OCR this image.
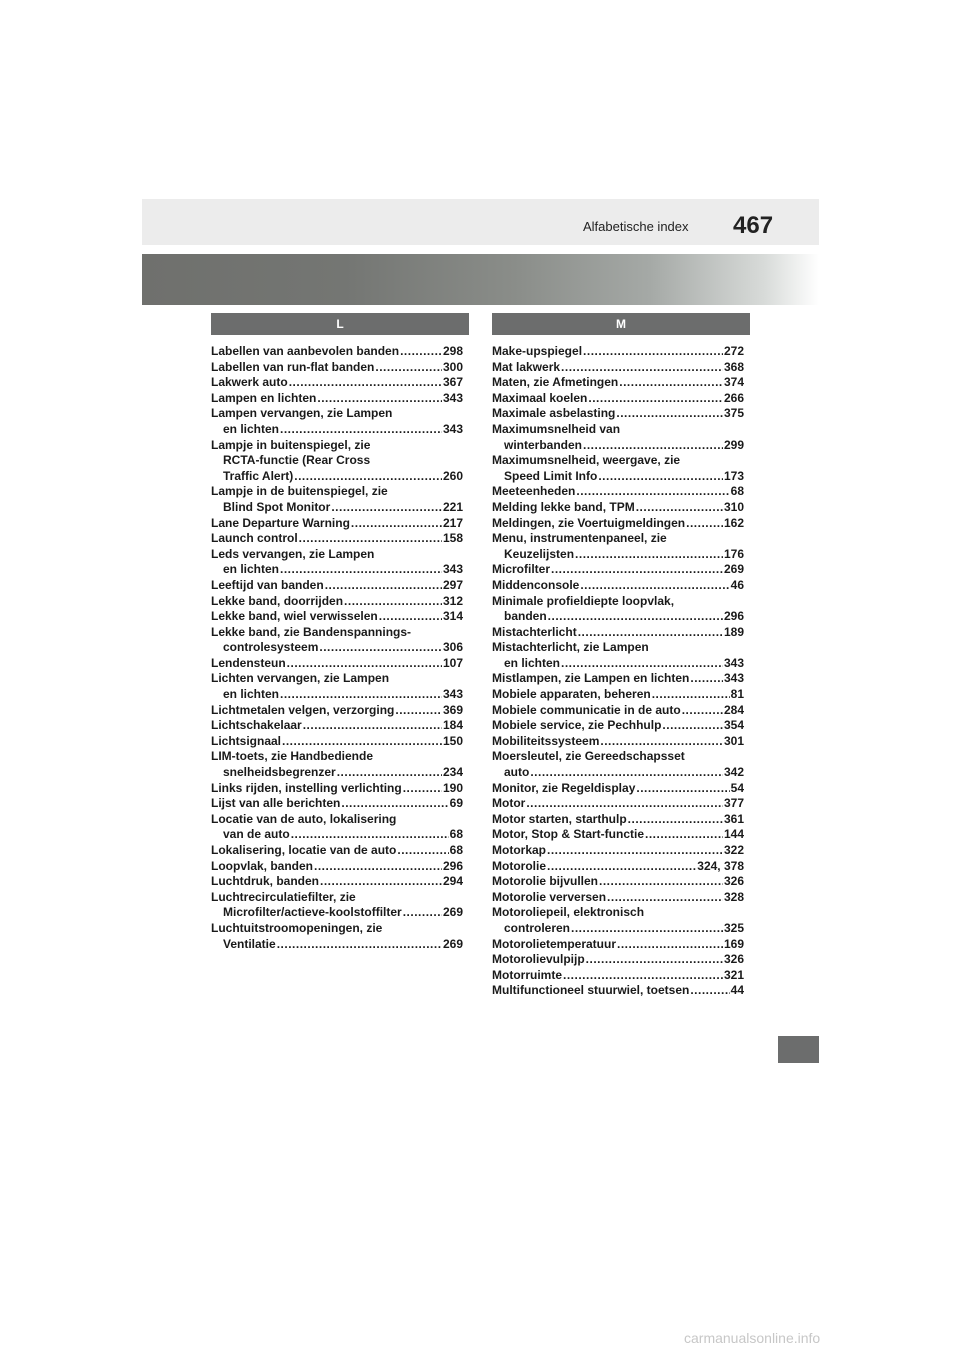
Alfabetische index 467
L	M
Labellen van aanbevolen banden .....	298
Labellen van run-flat banden .....	300
Lakwerk auto .....	367
Lampen en lichten .....	343
Lampen vervangen, zie Lampen
en lichten .....	343
Lampje in buitenspiegel, zie
RCTA-functie (Rear Cross
Traffic Alert) .....	260
Lampje in de buitenspiegel, zie
Blind Spot Monitor .....	221
Lane Departure Warning .....	217
Launch control .....	158
Leds vervangen, zie Lampen
en lichten .....	343
Leeftijd van banden .....	297
Lekke band, doorrijden .....	312
Lekke band, wiel verwisselen .....	314
Lekke band, zie Bandenspannings-
controlesysteem .....	306
Lendensteun .....	107
Lichten vervangen, zie Lampen
en lichten .....	343
Lichtmetalen velgen, verzorging .....	369
Lichtschakelaar .....	184
Lichtsignaal .....	150
LIM-toets, zie Handbediende
snelheidsbegrenzer .....	234
Links rijden, instelling verlichting .....	190
Lijst van alle berichten .....	69
Locatie van de auto, lokalisering
van de auto .....	68
Lokalisering, locatie van de auto .....	68
Loopvlak, banden .....	296
Luchtdruk, banden .....	294
Luchtrecirculatiefilter, zie
Microfilter/actieve-koolstoffilter .....	269
Luchtuitstroomopeningen, zie
Ventilatie .....	269
Make-upspiegel .....	272
Mat lakwerk .....	368
Maten, zie Afmetingen .....	374
Maximaal koelen .....	266
Maximale asbelasting .....	375
Maximumsnelheid van
winterbanden .....	299
Maximumsnelheid, weergave, zie
Speed Limit Info .....	173
Meeteenheden .....	68
Melding lekke band, TPM .....	310
Meldingen, zie Voertuigmeldingen .....	162
Menu, instrumentenpaneel, zie
Keuzelijsten .....	176
Microfilter .....	269
Middenconsole .....	46
Minimale profieldiepte loopvlak,
banden .....	296
Mistachterlicht .....	189
Mistachterlicht, zie Lampen
en lichten .....	343
Mistlampen, zie Lampen en lichten .....	343
Mobiele apparaten, beheren .....	81
Mobiele communicatie in de auto .....	284
Mobiele service, zie Pechhulp .....	354
Mobiliteitssysteem .....	301
Moersleutel, zie Gereedschapsset
auto .....	342
Monitor, zie Regeldisplay .....	54
Motor .....	377
Motor starten, starthulp .....	361
Motor, Stop & Start-functie .....	144
Motorkap .....	322
Motorolie .....	324, 378
Motorolie bijvullen .....	326
Motorolie verversen .....	328
Motoroliepeil, elektronisch
controleren .....	325
Motorolietemperatuur .....	169
Motorolievulpijp .....	326
Motorruimte .....	321
Multifunctioneel stuurwiel, toetsen .....	44
carmanualsonline.info
